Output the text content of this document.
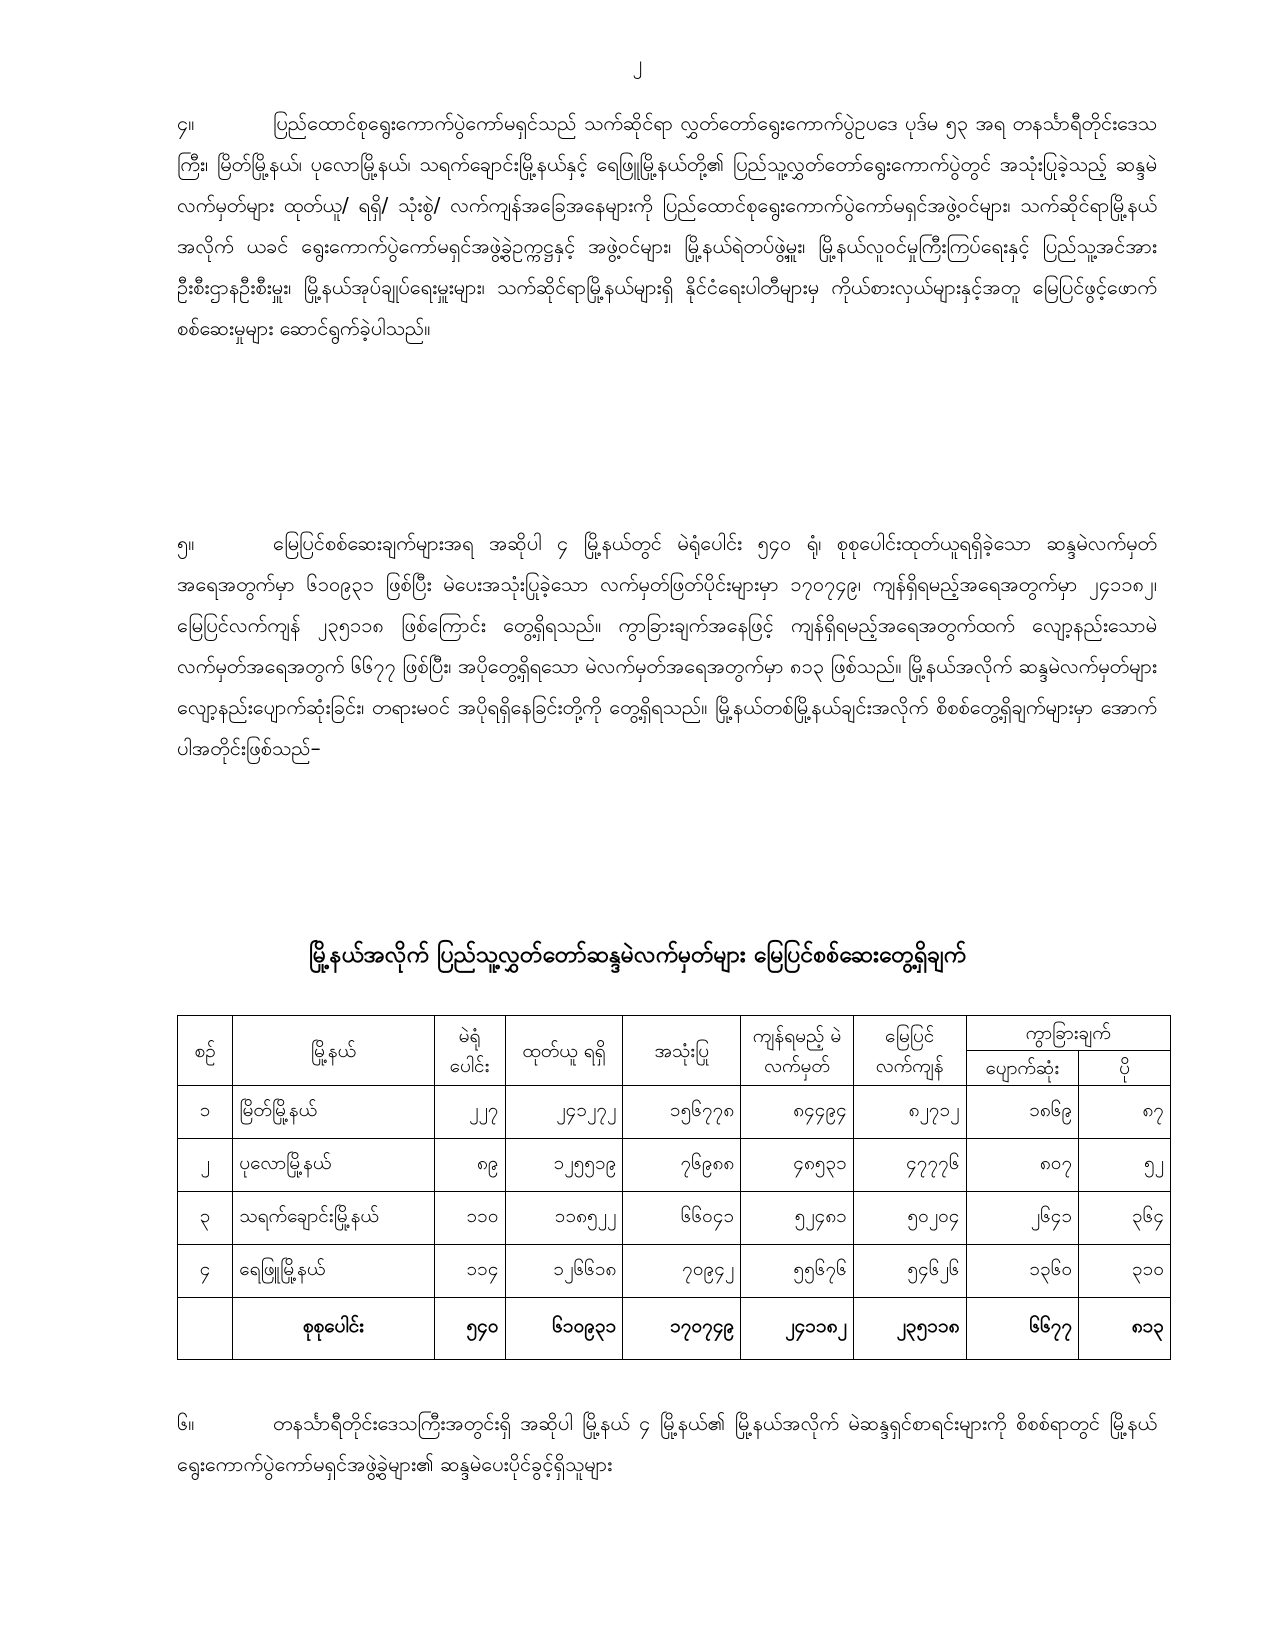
၂

၄။	ပြည်ထောင်စုရွေးကောက်ပွဲကော်မရှင်သည် သက်ဆိုင်ရာ လွှတ်တော်ရွေးကောက်ပွဲဥပဒေ ပုဒ်မ ၅၃ အရ တနင်္သာရီတိုင်းဒေသကြီး၊ မြိတ်မြို့နယ်၊ ပုလောမြို့နယ်၊ သရက်ချောင်းမြို့နယ်နှင့် ရေဖြူမြို့နယ်တို့၏ ပြည်သူ့လွှတ်တော်ရွေးကောက်ပွဲတွင် အသုံးပြုခဲ့သည့် ဆန္ဒမဲလက်မှတ်များ ထုတ်ယူ/ ရရှိ/ သုံးစွဲ/ လက်ကျန်အခြေအနေများကို ပြည်ထောင်စုရွေးကောက်ပွဲကော်မရှင်အဖွဲ့ဝင်များ၊ သက်ဆိုင်ရာမြို့နယ်အလိုက် ယခင် ရွေးကောက်ပွဲကော်မရှင်အဖွဲ့ခွဲဥက္ကဋ္ဌနှင့် အဖွဲ့ဝင်များ၊ မြို့နယ်ရဲတပ်ဖွဲ့မှူး၊ မြို့နယ်လူဝင်မှုကြီးကြပ်ရေးနှင့် ပြည်သူ့အင်အားဦးစီးဌာနဦးစီးမှူး၊ မြို့နယ်အုပ်ချုပ်ရေးမှူးများ၊ သက်ဆိုင်ရာမြို့နယ်များရှိ နိုင်ငံရေးပါတီများမှ ကိုယ်စားလှယ်များနှင့်အတူ မြေပြင်ဖွင့်ဖောက်စစ်ဆေးမှုများ ဆောင်ရွက်ခဲ့ပါသည်။

၅။	မြေပြင်စစ်ဆေးချက်များအရ အဆိုပါ ၄ မြို့နယ်တွင် မဲရုံပေါင်း ၅၄၀ ရုံ၊ စုစုပေါင်းထုတ်ယူရရှိခဲ့သော ဆန္ဒမဲလက်မှတ်အရေအတွက်မှာ ၆၁၀၉၃၁ ဖြစ်ပြီး မဲပေးအသုံးပြုခဲ့သော လက်မှတ်ဖြတ်ပိုင်းများမှာ ၁၇၀၇၄၉၊ ကျန်ရှိရမည့်အရေအတွက်မှာ ၂၄၁၁၈၂၊ မြေပြင်လက်ကျန် ၂၃၅၁၁၈ ဖြစ်ကြောင်း တွေ့ရှိရသည်။ ကွာခြားချက်အနေဖြင့် ကျန်ရှိရမည့်အရေအတွက်ထက် လျော့နည်းသောမဲလက်မှတ်အရေအတွက် ၆၆၇၇ ဖြစ်ပြီး၊ အပိုတွေ့ရှိရသော မဲလက်မှတ်အရေအတွက်မှာ ၈၁၃ ဖြစ်သည်။ မြို့နယ်အလိုက် ဆန္ဒမဲလက်မှတ်များ လျော့နည်းပျောက်ဆုံးခြင်း၊ တရားမဝင် အပိုရရှိနေခြင်းတို့ကို တွေ့ရှိရသည်။ မြို့နယ်တစ်မြို့နယ်ချင်းအလိုက် စိစစ်တွေ့ရှိချက်များမှာ အောက်ပါအတိုင်းဖြစ်သည်–

မြို့နယ်အလိုက် ပြည်သူ့လွှတ်တော်ဆန္ဒမဲလက်မှတ်များ မြေပြင်စစ်ဆေးတွေ့ရှိချက်
စဉ်	မြို့နယ်	မဲရုံ ပေါင်း	ထုတ်ယူ ရရှိ	အသုံးပြု	ကျန်ရမည့် မဲလက်မှတ်	မြေပြင် လက်ကျန်	ကွာခြားချက်	
							ပျောက်ဆုံး	ပို
၁	မြိတ်မြို့နယ်	၂၂၇	၂၄၁၂၇၂	၁၅၆၇၇၈	၈၄၄၉၄	၈၂၇၁၂	၁၈၆၉	၈၇
၂	ပုလောမြို့နယ်	၈၉	၁၂၅၅၁၉	၇၆၉၈၈	၄၈၅၃၁	၄၇၇၇၆	၈၀၇	၅၂
၃	သရက်ချောင်းမြို့နယ်	၁၁၀	၁၁၈၅၂၂	၆၆၀၄၁	၅၂၄၈၁	၅၀၂၀၄	၂၆၄၁	၃၆၄
၄	ရေဖြူမြို့နယ်	၁၁၄	၁၂၆၆၁၈	၇၀၉၄၂	၅၅၆၇၆	၅၄၆၂၆	၁၃၆၀	၃၁၀
	စုစုပေါင်း	၅၄၀	၆၁၀၉၃၁	၁၇၀၇၄၉	၂၄၁၁၈၂	၂၃၅၁၁၈	၆၆၇၇	၈၁၃

၆။	တနင်္သာရီတိုင်းဒေသကြီးအတွင်းရှိ အဆိုပါ မြို့နယ် ၄ မြို့နယ်၏ မြို့နယ်အလိုက် မဲဆန္ဒရှင်စာရင်းများကို စိစစ်ရာတွင် မြို့နယ်ရွေးကောက်ပွဲကော်မရှင်အဖွဲ့ခွဲများ၏ ဆန္ဒမဲပေးပိုင်ခွင့်ရှိသူများ
